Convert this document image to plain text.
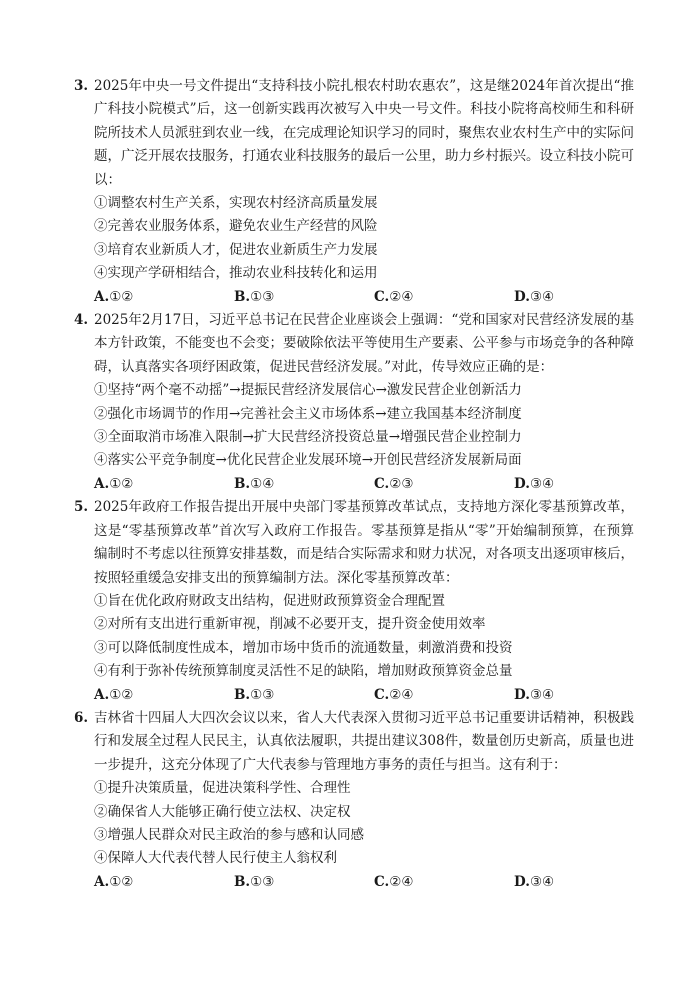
3. 2025年中央一号文件提出“支持科技小院扎根农村助农惠农”，这是继2024年首次提出“推广科技小院模式”后，这一创新实践再次被写入中央一号文件。科技小院将高校师生和科研院所技术人员派驻到农业一线，在完成理论知识学习的同时，聚焦农业农村生产中的实际问题，广泛开展农技服务，打通农业科技服务的最后一公里，助力乡村振兴。设立科技小院可以：
①调整农村生产关系，实现农村经济高质量发展
②完善农业服务体系，避免农业生产经营的风险
③培育农业新质人才，促进农业新质生产力发展
④实现产学研相结合，推动农业科技转化和运用
A.①②	B.①③	C.②④	D.③④
4. 2025年2月17日，习近平总书记在民营企业座谈会上强调：“党和国家对民营经济发展的基本方针政策，不能变也不会变；要破除依法平等使用生产要素、公平参与市场竞争的各种障碍，认真落实各项纾困政策，促进民营经济发展。”对此，传导效应正确的是：
①坚持“两个毫不动摇”→提振民营经济发展信心→激发民营企业创新活力
②强化市场调节的作用→完善社会主义市场体系→建立我国基本经济制度
③全面取消市场准入限制→扩大民营经济投资总量→增强民营企业控制力
④落实公平竞争制度→优化民营企业发展环境→开创民营经济发展新局面
A.①②	B.①④	C.②③	D.③④
5. 2025年政府工作报告提出开展中央部门零基预算改革试点，支持地方深化零基预算改革，这是“零基预算改革”首次写入政府工作报告。零基预算是指从“零”开始编制预算，在预算编制时不考虑以往预算安排基数，而是结合实际需求和财力状况，对各项支出逐项审核后，按照轻重缓急安排支出的预算编制方法。深化零基预算改革：
①旨在优化政府财政支出结构，促进财政预算资金合理配置
②对所有支出进行重新审视，削减不必要开支，提升资金使用效率
③可以降低制度性成本，增加市场中货币的流通数量，刺激消费和投资
④有利于弥补传统预算制度灵活性不足的缺陷，增加财政预算资金总量
A.①②	B.①③	C.②④	D.③④
6. 吉林省十四届人大四次会议以来，省人大代表深入贯彻习近平总书记重要讲话精神，积极践行和发展全过程人民民主，认真依法履职，共提出建议308件，数量创历史新高，质量也进一步提升，这充分体现了广大代表参与管理地方事务的责任与担当。这有利于：
①提升决策质量，促进决策科学性、合理性
②确保省人大能够正确行使立法权、决定权
③增强人民群众对民主政治的参与感和认同感
④保障人大代表代替人民行使主人翁权利
A.①②	B.①③	C.②④	D.③④
